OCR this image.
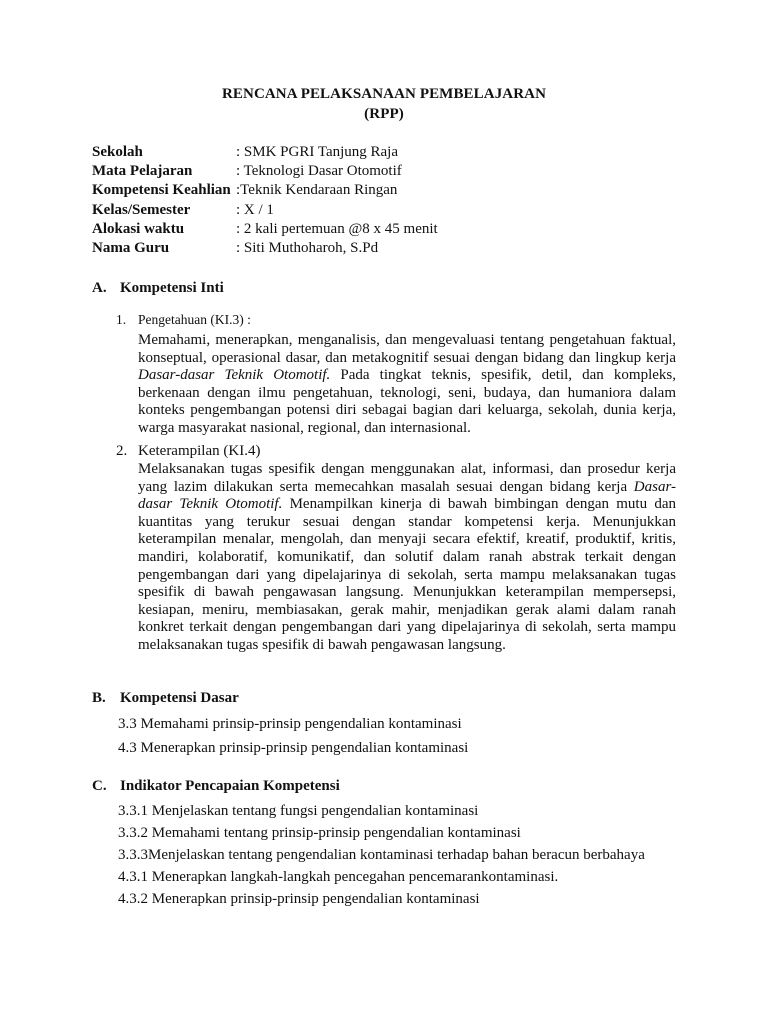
RENCANA PELAKSANAAN PEMBELAJARAN
(RPP)
Sekolah	: SMK PGRI Tanjung Raja
Mata Pelajaran	: Teknologi Dasar Otomotif
Kompetensi Keahlian :Teknik Kendaraan Ringan
Kelas/Semester	: X / 1
Alokasi waktu	: 2 kali pertemuan @8 x 45 menit
Nama Guru	: Siti Muthoharoh, S.Pd
A. Kompetensi Inti
1. Pengetahuan (KI.3) :
Memahami, menerapkan, menganalisis, dan mengevaluasi tentang pengetahuan faktual, konseptual, operasional dasar, dan metakognitif sesuai dengan bidang dan lingkup kerja Dasar-dasar Teknik Otomotif. Pada tingkat teknis, spesifik, detil, dan kompleks, berkenaan dengan ilmu pengetahuan, teknologi, seni, budaya, dan humaniora dalam konteks pengembangan potensi diri sebagai bagian dari keluarga, sekolah, dunia kerja, warga masyarakat nasional, regional, dan internasional.
2. Keterampilan (KI.4)
Melaksanakan tugas spesifik dengan menggunakan alat, informasi, dan prosedur kerja yang lazim dilakukan serta memecahkan masalah sesuai dengan bidang kerja Dasar-dasar Teknik Otomotif. Menampilkan kinerja di bawah bimbingan dengan mutu dan kuantitas yang terukur sesuai dengan standar kompetensi kerja. Menunjukkan keterampilan menalar, mengolah, dan menyaji secara efektif, kreatif, produktif, kritis, mandiri, kolaboratif, komunikatif, dan solutif dalam ranah abstrak terkait dengan pengembangan dari yang dipelajarinya di sekolah, serta mampu melaksanakan tugas spesifik di bawah pengawasan langsung. Menunjukkan keterampilan mempersepsi, kesiapan, meniru, membiasakan, gerak mahir, menjadikan gerak alami dalam ranah konkret terkait dengan pengembangan dari yang dipelajarinya di sekolah, serta mampu melaksanakan tugas spesifik di bawah pengawasan langsung.
B. Kompetensi Dasar
3.3 Memahami prinsip-prinsip pengendalian kontaminasi
4.3 Menerapkan prinsip-prinsip pengendalian kontaminasi
C. Indikator Pencapaian Kompetensi
3.3.1 Menjelaskan tentang fungsi pengendalian kontaminasi
3.3.2 Memahami tentang prinsip-prinsip pengendalian kontaminasi
3.3.3Menjelaskan tentang pengendalian kontaminasi terhadap bahan beracun berbahaya
4.3.1 Menerapkan langkah-langkah pencegahan pencemarankontaminasi.
4.3.2 Menerapkan prinsip-prinsip pengendalian kontaminasi
